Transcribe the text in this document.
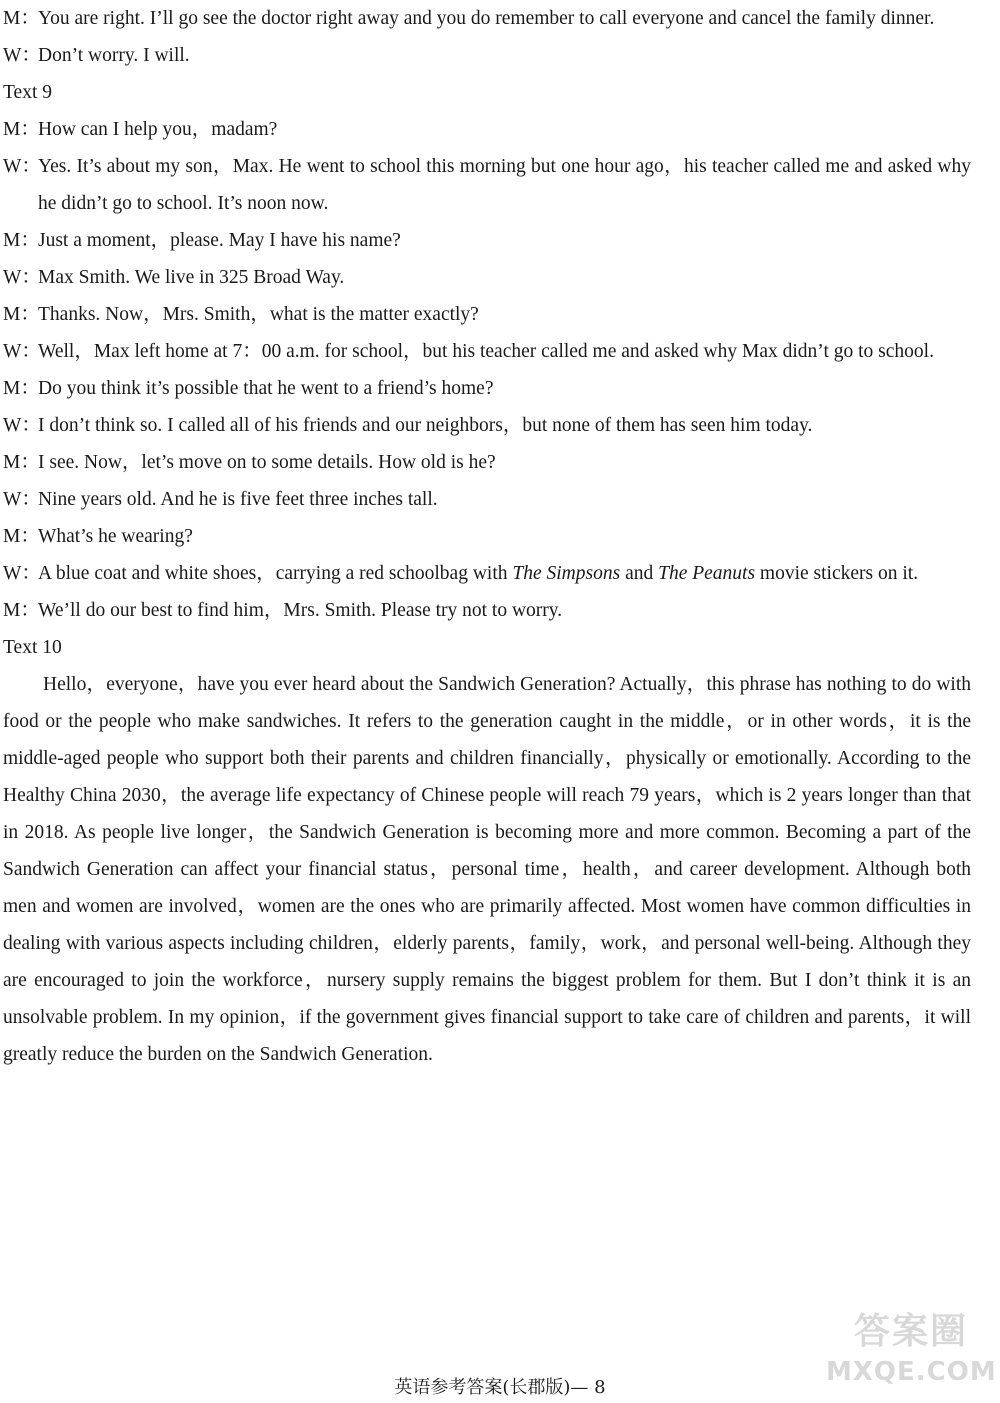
M：You are right. I’ll go see the doctor right away and you do remember to call everyone and cancel the family dinner.
W：Don’t worry. I will.
Text 9
M：How can I help you，madam?
W：Yes. It’s about my son，Max. He went to school this morning but one hour ago，his teacher called me and asked why he didn’t go to school. It’s noon now.
M：Just a moment，please. May I have his name?
W：Max Smith. We live in 325 Broad Way.
M：Thanks. Now，Mrs. Smith，what is the matter exactly?
W：Well，Max left home at 7：00 a.m. for school，but his teacher called me and asked why Max didn’t go to school.
M：Do you think it’s possible that he went to a friend’s home?
W：I don’t think so. I called all of his friends and our neighbors，but none of them has seen him today.
M：I see. Now，let’s move on to some details. How old is he?
W：Nine years old. And he is five feet three inches tall.
M：What’s he wearing?
W：A blue coat and white shoes，carrying a red schoolbag with The Simpsons and The Peanuts movie stickers on it.
M：We’ll do our best to find him，Mrs. Smith. Please try not to worry.
Text 10
Hello，everyone，have you ever heard about the Sandwich Generation? Actually，this phrase has nothing to do with food or the people who make sandwiches. It refers to the generation caught in the middle，or in other words，it is the middle-aged people who support both their parents and children financially，physically or emotionally. According to the Healthy China 2030，the average life expectancy of Chinese people will reach 79 years，which is 2 years longer than that in 2018. As people live longer，the Sandwich Generation is becoming more and more common. Becoming a part of the Sandwich Generation can affect your financial status，personal time，health，and career development. Although both men and women are involved，women are the ones who are primarily affected. Most women have common difficulties in dealing with various aspects including children，elderly parents，family，work，and personal well-being. Although they are encouraged to join the workforce，nursery supply remains the biggest problem for them. But I don’t think it is an unsolvable problem. In my opinion，if the government gives financial support to take care of children and parents，it will greatly reduce the burden on the Sandwich Generation.
英语参考答案(长郡版)— 8
答案圈
MXQE.COM
